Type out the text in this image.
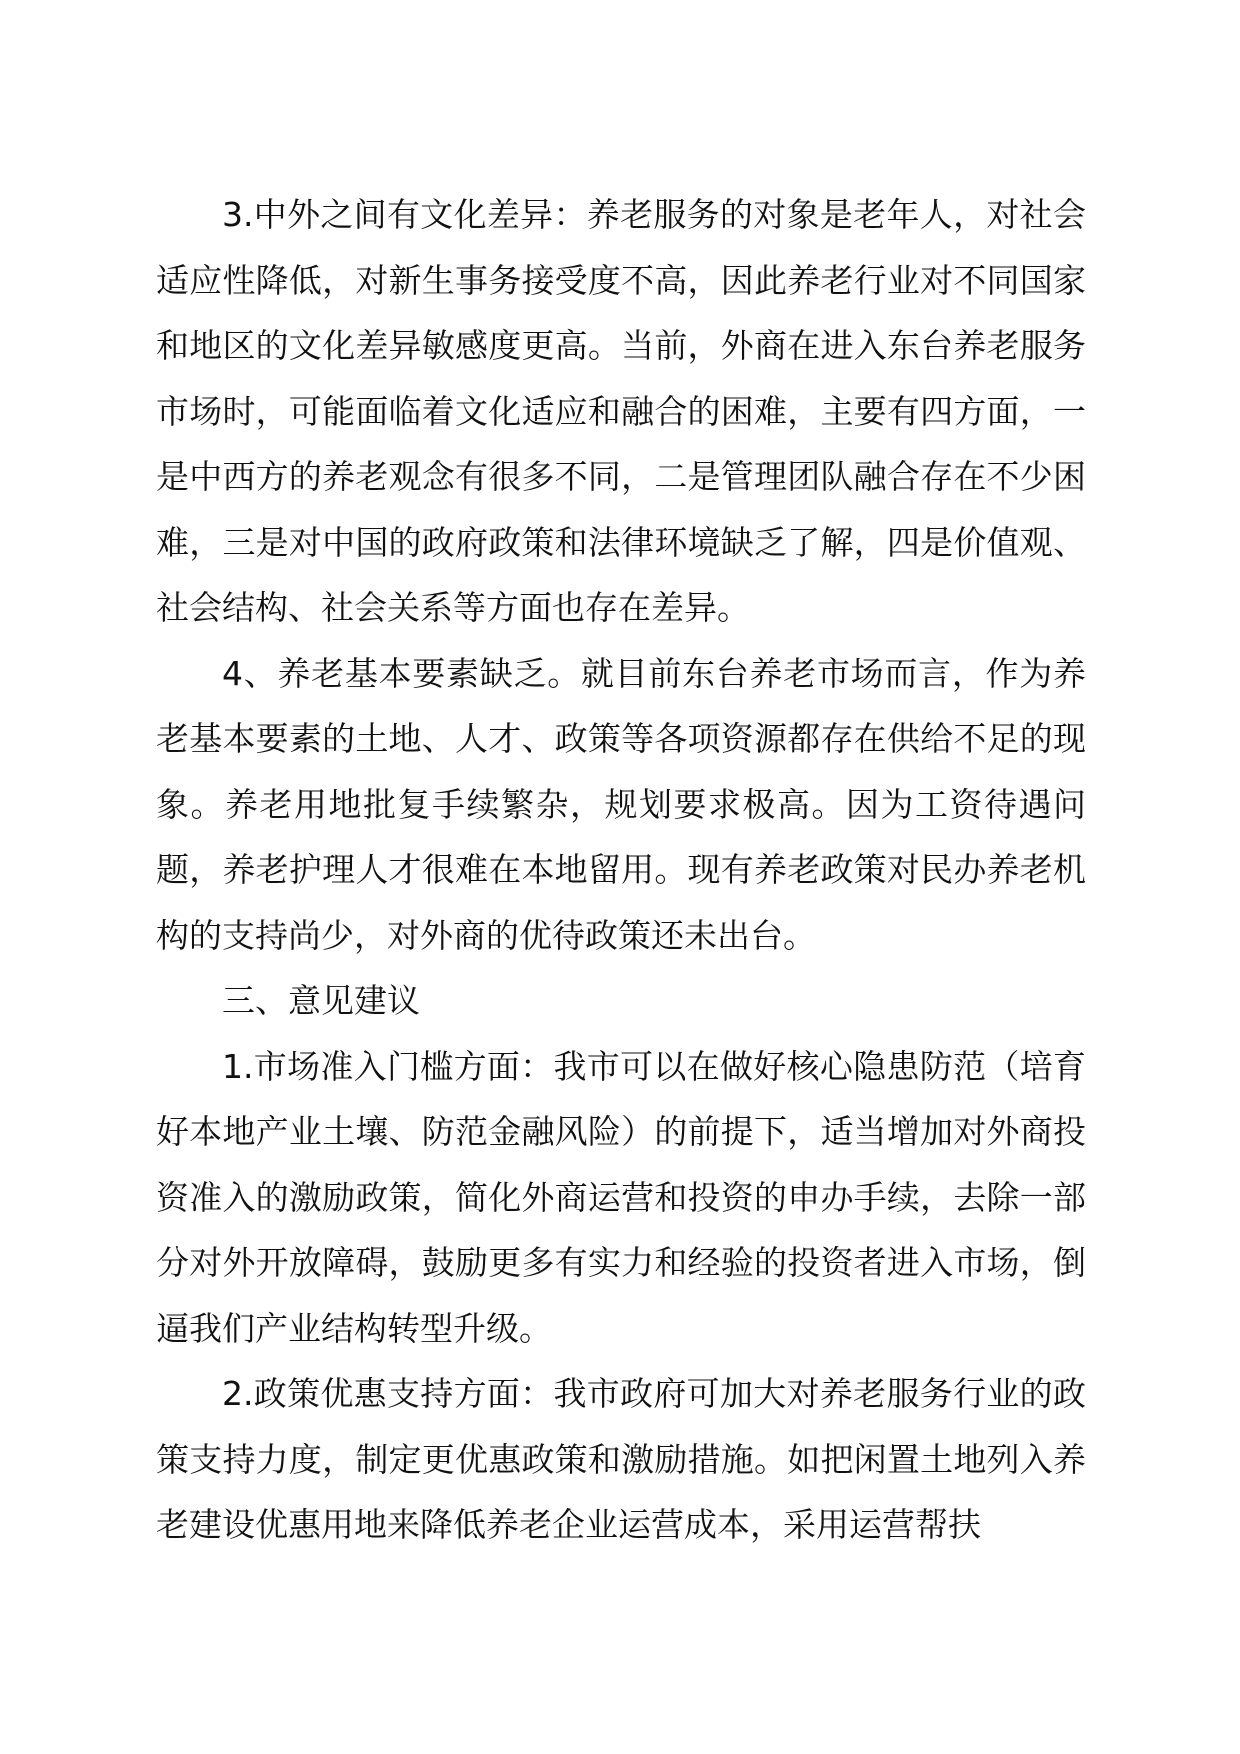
3.中外之间有文化差异：养老服务的对象是老年人，对社会适应性降低，对新生事务接受度不高，因此养老行业对不同国家和地区的文化差异敏感度更高。当前，外商在进入东台养老服务市场时，可能面临着文化适应和融合的困难，主要有四方面，一是中西方的养老观念有很多不同，二是管理团队融合存在不少困难，三是对中国的政府政策和法律环境缺乏了解，四是价值观、社会结构、社会关系等方面也存在差异。

4、养老基本要素缺乏。就目前东台养老市场而言，作为养老基本要素的土地、人才、政策等各项资源都存在供给不足的现象。养老用地批复手续繁杂，规划要求极高。因为工资待遇问题，养老护理人才很难在本地留用。现有养老政策对民办养老机构的支持尚少，对外商的优待政策还未出台。

三、意见建议

1.市场准入门槛方面：我市可以在做好核心隐患防范（培育好本地产业土壤、防范金融风险）的前提下，适当增加对外商投资准入的激励政策，简化外商运营和投资的申办手续，去除一部分对外开放障碍，鼓励更多有实力和经验的投资者进入市场，倒逼我们产业结构转型升级。

2.政策优惠支持方面：我市政府可加大对养老服务行业的政策支持力度，制定更优惠政策和激励措施。如把闲置土地列入养老建设优惠用地来降低养老企业运营成本，采用运营帮扶
